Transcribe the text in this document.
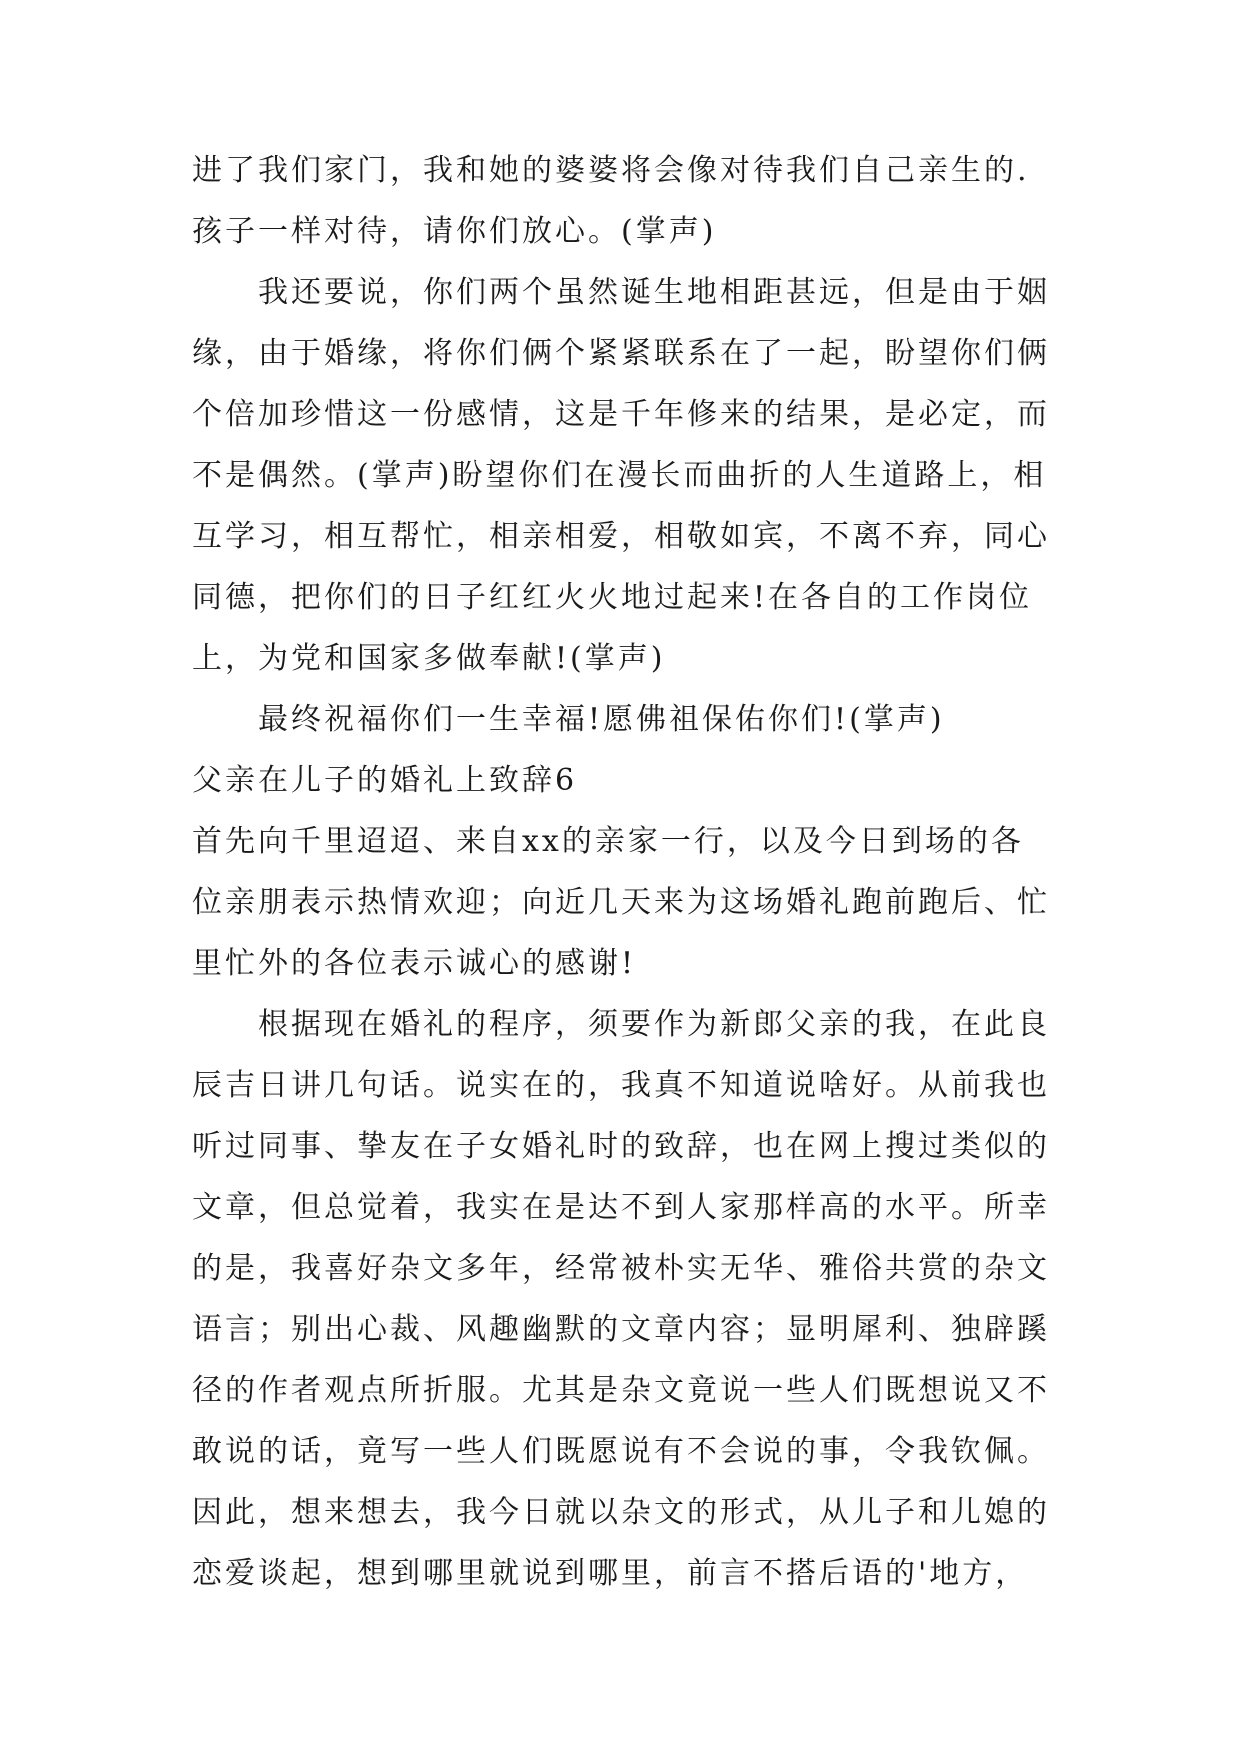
进了我们家门，我和她的婆婆将会像对待我们自己亲生的.
孩子一样对待，请你们放心。(掌声)
我还要说，你们两个虽然诞生地相距甚远，但是由于姻
缘，由于婚缘，将你们俩个紧紧联系在了一起，盼望你们俩
个倍加珍惜这一份感情，这是千年修来的结果，是必定，而
不是偶然。(掌声)盼望你们在漫长而曲折的人生道路上，相
互学习，相互帮忙，相亲相爱，相敬如宾，不离不弃，同心
同德，把你们的日子红红火火地过起来!在各自的工作岗位
上，为党和国家多做奉献!(掌声)
最终祝福你们一生幸福!愿佛祖保佑你们!(掌声)
父亲在儿子的婚礼上致辞6
首先向千里迢迢、来自xx的亲家一行，以及今日到场的各
位亲朋表示热情欢迎；向近几天来为这场婚礼跑前跑后、忙
里忙外的各位表示诚心的感谢!
根据现在婚礼的程序，须要作为新郎父亲的我，在此良
辰吉日讲几句话。说实在的，我真不知道说啥好。从前我也
听过同事、挚友在子女婚礼时的致辞，也在网上搜过类似的
文章，但总觉着，我实在是达不到人家那样高的水平。所幸
的是，我喜好杂文多年，经常被朴实无华、雅俗共赏的杂文
语言；别出心裁、风趣幽默的文章内容；显明犀利、独辟蹊
径的作者观点所折服。尤其是杂文竟说一些人们既想说又不
敢说的话，竟写一些人们既愿说有不会说的事，令我钦佩。
因此，想来想去，我今日就以杂文的形式，从儿子和儿媳的
恋爱谈起，想到哪里就说到哪里，前言不搭后语的'地方，
